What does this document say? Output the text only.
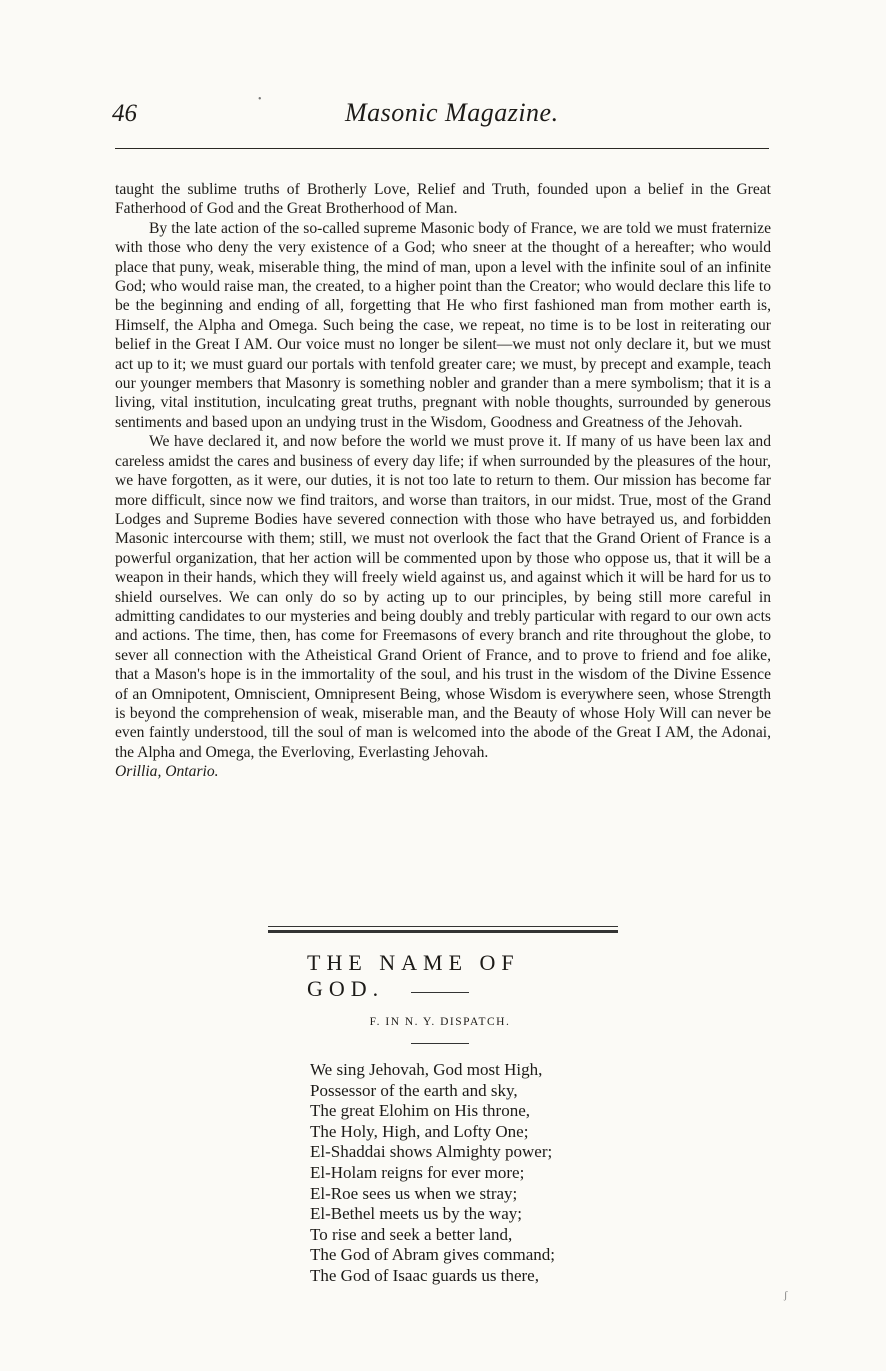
46	Masonic Magazine.

taught the sublime truths of Brotherly Love, Relief and Truth, founded upon a belief in the Great Fatherhood of God and the Great Brotherhood of Man.

By the late action of the so-called supreme Masonic body of France, we are told we must fraternize with those who deny the very existence of a God; who sneer at the thought of a hereafter; who would place that puny, weak, miserable thing, the mind of man, upon a level with the infinite soul of an infinite God; who would raise man, the created, to a higher point than the Creator; who would declare this life to be the beginning and ending of all, forgetting that He who first fashioned man from mother earth is, Himself, the Alpha and Omega. Such being the case, we repeat, no time is to be lost in reiterating our belief in the Great I AM. Our voice must no longer be silent—we must not only declare it, but we must act up to it; we must guard our portals with tenfold greater care; we must, by precept and example, teach our younger members that Masonry is something nobler and grander than a mere symbolism; that it is a living, vital institution, inculcating great truths, pregnant with noble thoughts, surrounded by generous sentiments and based upon an undying trust in the Wisdom, Goodness and Greatness of the Jehovah.

We have declared it, and now before the world we must prove it. If many of us have been lax and careless amidst the cares and business of every day life; if when surrounded by the pleasures of the hour, we have forgotten, as it were, our duties, it is not too late to return to them. Our mission has become far more difficult, since now we find traitors, and worse than traitors, in our midst. True, most of the Grand Lodges and Supreme Bodies have severed connection with those who have betrayed us, and forbidden Masonic intercourse with them; still, we must not overlook the fact that the Grand Orient of France is a powerful organization, that her action will be commented upon by those who oppose us, that it will be a weapon in their hands, which they will freely wield against us, and against which it will be hard for us to shield ourselves. We can only do so by acting up to our principles, by being still more careful in admitting candidates to our mysteries and being doubly and trebly particular with regard to our own acts and actions. The time, then, has come for Freemasons of every branch and rite throughout the globe, to sever all connection with the Atheistical Grand Orient of France, and to prove to friend and foe alike, that a Mason's hope is in the immortality of the soul, and his trust in the wisdom of the Divine Essence of an Omnipotent, Omniscient, Omnipresent Being, whose Wisdom is everywhere seen, whose Strength is beyond the comprehension of weak, miserable man, and the Beauty of whose Holy Will can never be even faintly understood, till the soul of man is welcomed into the abode of the Great I AM, the Adonai, the Alpha and Omega, the Everloving, Everlasting Jehovah.

Orillia, Ontario.

THE NAME OF GOD.
F. IN N. Y. DISPATCH.
We sing Jehovah, God most High,
Possessor of the earth and sky,
The great Elohim on His throne,
The Holy, High, and Lofty One;
El-Shaddai shows Almighty power;
El-Holam reigns for ever more;
El-Roe sees us when we stray;
El-Bethel meets us by the way;
To rise and seek a better land,
The God of Abram gives command;
The God of Isaac guards us there,
•
ʃ
